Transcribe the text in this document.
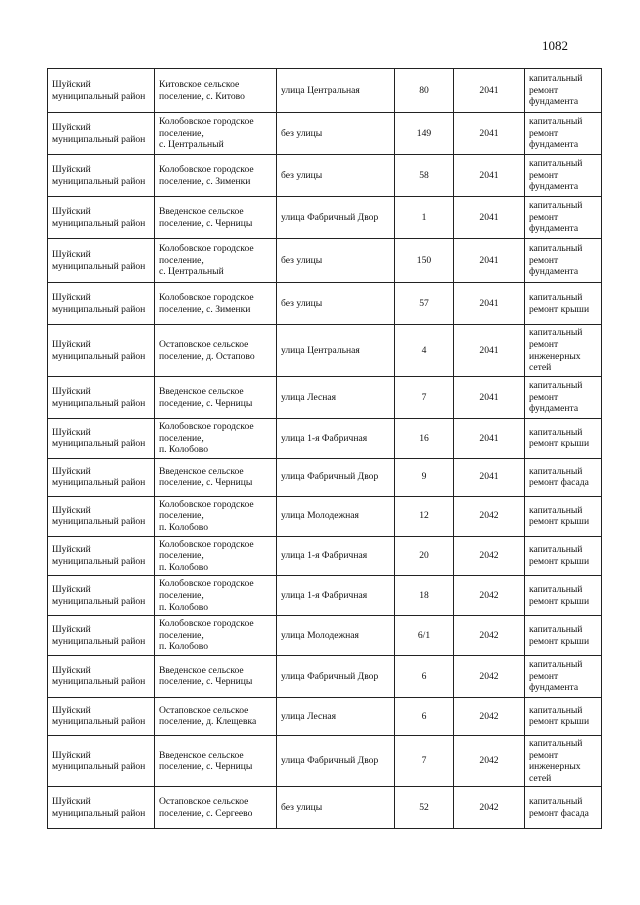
1082
Шуйский муниципальный район	Китовское сельское поселение, с. Китово	улица Центральная	80	2041	капитальный ремонт фундамента

Шуйский муниципальный район	Колобовское городское поселение,
с. Центральный	без улицы	149	2041	капитальный ремонт фундамента

Шуйский муниципальный район	Колобовское городское поселение, с. Зименки	без улицы	58	2041	капитальный ремонт фундамента

Шуйский муниципальный район	Введенское сельское поселение, с. Черницы	улица Фабричный Двор	1	2041	капитальный ремонт фундамента

Шуйский муниципальный район	Колобовское городское поселение,
с. Центральный	без улицы	150	2041	капитальный ремонт фундамента

Шуйский муниципальный район	Колобовское городское поселение, с. Зименки	без улицы	57	2041	капитальный ремонт крыши

Шуйский муниципальный район	Остаповское сельское поселение, д. Остапово	улица Центральная	4	2041	капитальный ремонт инженерных сетей

Шуйский муниципальный район	Введенское сельское поседение, с. Черницы	улица Лесная	7	2041	капитальный ремонт фундамента

Шуйский муниципальный район	Колобовское городское поселение,
п. Колобово	улица 1-я Фабричная	16	2041	капитальный ремонт крыши

Шуйский муниципальный район	Введенское сельское поселение, с. Черницы	улица Фабричный Двор	9	2041	капитальный ремонт фасада

Шуйский муниципальный район	Колобовское городское поселение,
п. Колобово	улица Молодежная	12	2042	капитальный ремонт крыши

Шуйский муниципальный район	Колобовское городское поселение,
п. Колобово	улица 1-я Фабричная	20	2042	капитальный ремонт крыши

Шуйский муниципальный район	Колобовское городское поселение,
п. Колобово	улица 1-я Фабричная	18	2042	капитальный ремонт крыши

Шуйский муниципальный район	Колобовское городское поселение,
п. Колобово	улица Молодежная	6/1	2042	капитальный ремонт крыши

Шуйский муниципальный район	Введенское сельское поселение, с. Черницы	улица Фабричный Двор	6	2042	капитальный ремонт фундамента

Шуйский муниципальный район	Остаповское сельское поселение, д. Клещевка	улица Лесная	6	2042	капитальный ремонт крыши

Шуйский муниципальный район	Введенское сельское поселение, с. Черницы	улица Фабричный Двор	7	2042	капитальный ремонт инженерных сетей

Шуйский муниципальный район	Остаповское сельское поселение, с. Сергеево	без улицы	52	2042	капитальный ремонт фасада
